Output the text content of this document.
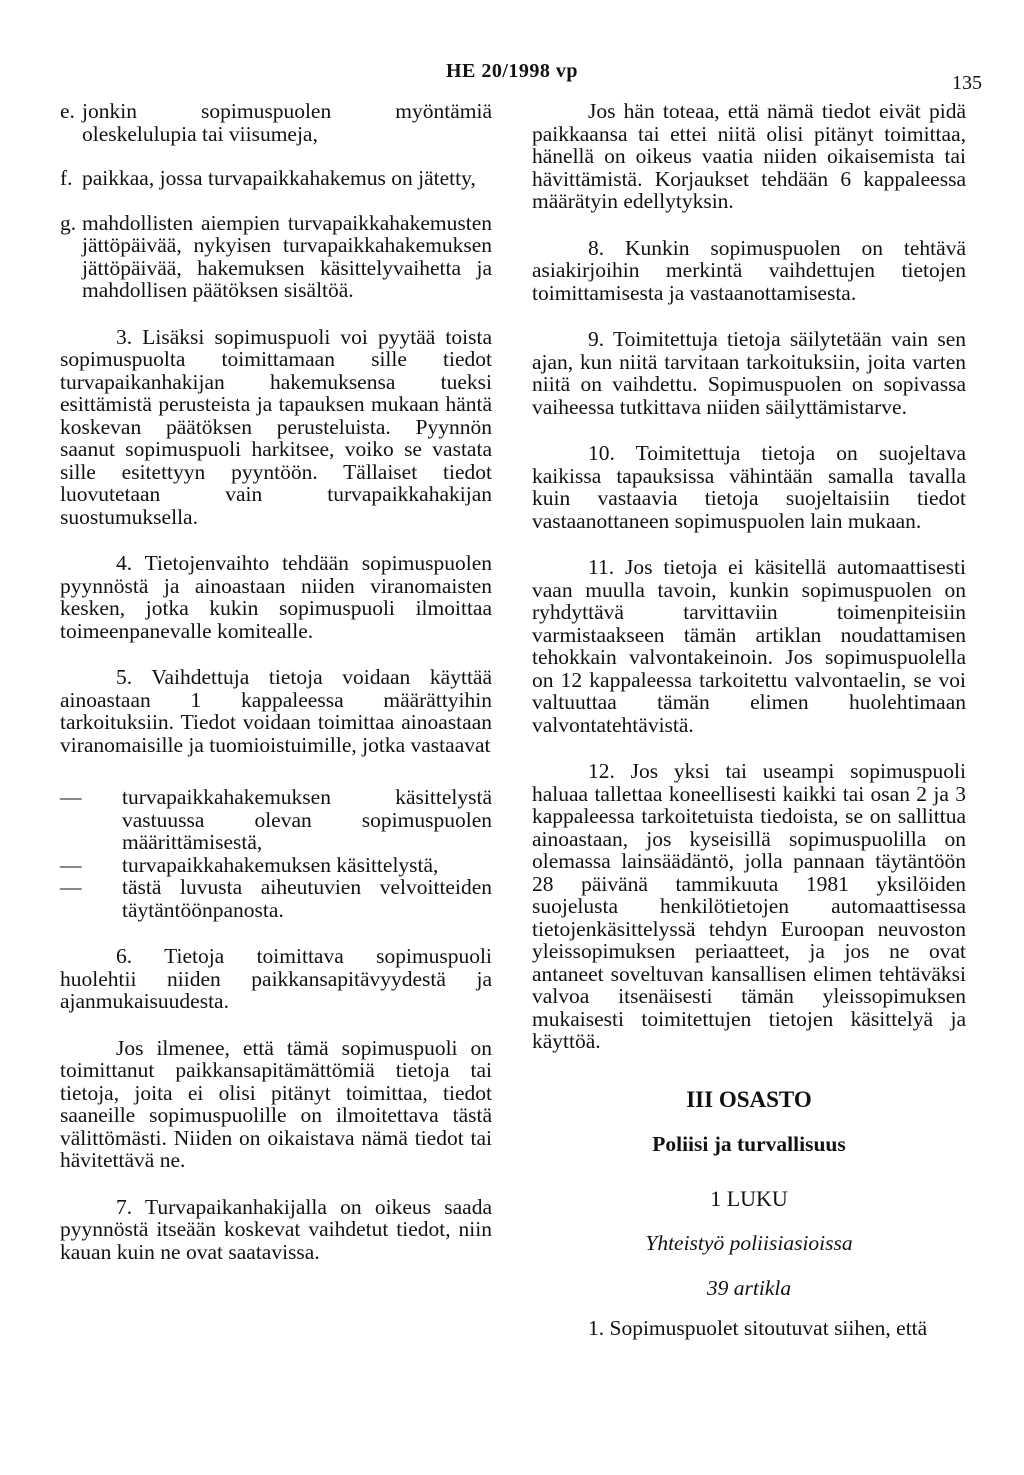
HE 20/1998 vp
135
e. jonkin sopimuspuolen myöntämiä oleskelulupia tai viisumeja,
f. paikkaa, jossa turvapaikkahakemus on jätetty,
g. mahdollisten aiempien turvapaikkahakemusten jättöpäivää, nykyisen turvapaikkahakemuksen jättöpäivää, hakemuksen käsittelyvaihetta ja mahdollisen päätöksen sisältöä.

3. Lisäksi sopimuspuoli voi pyytää toista sopimuspuolta toimittamaan sille tiedot turvapaikanhakijan hakemuksensa tueksi esittämistä perusteista ja tapauksen mukaan häntä koskevan päätöksen perusteluista. Pyynnön saanut sopimuspuoli harkitsee, voiko se vastata sille esitettyyn pyyntöön. Tällaiset tiedot luovutetaan vain turvapaikkahakijan suostumuksella.

4. Tietojenvaihto tehdään sopimuspuolen pyynnöstä ja ainoastaan niiden viranomaisten kesken, jotka kukin sopimuspuoli ilmoittaa toimeenpanevalle komitealle.

5. Vaihdettuja tietoja voidaan käyttää ainoastaan 1 kappaleessa määrättyihin tarkoituksiin. Tiedot voidaan toimittaa ainoastaan viranomaisille ja tuomioistuimille, jotka vastaavat

—	turvapaikkahakemuksen käsittelystä vastuussa olevan sopimuspuolen määrittämisestä,
—	turvapaikkahakemuksen käsittelystä,
—	tästä luvusta aiheutuvien velvoitteiden täytäntöönpanosta.

6. Tietoja toimittava sopimuspuoli huolehtii niiden paikkansapitävyydestä ja ajanmukaisuudesta.

Jos ilmenee, että tämä sopimuspuoli on toimittanut paikkansapitämättömiä tietoja tai tietoja, joita ei olisi pitänyt toimittaa, tiedot saaneille sopimuspuolille on ilmoitettava tästä välittömästi. Niiden on oikaistava nämä tiedot tai hävitettävä ne.

7. Turvapaikanhakijalla on oikeus saada pyynnöstä itseään koskevat vaihdetut tiedot, niin kauan kuin ne ovat saatavissa.

Jos hän toteaa, että nämä tiedot eivät pidä paikkaansa tai ettei niitä olisi pitänyt toimittaa, hänellä on oikeus vaatia niiden oikaisemista tai hävittämistä. Korjaukset tehdään 6 kappaleessa määrätyin edellytyksin.

8. Kunkin sopimuspuolen on tehtävä asiakirjoihin merkintä vaihdettujen tietojen toimittamisesta ja vastaanottamisesta.

9. Toimitettuja tietoja säilytetään vain sen ajan, kun niitä tarvitaan tarkoituksiin, joita varten niitä on vaihdettu. Sopimuspuolen on sopivassa vaiheessa tutkittava niiden säilyttämistarve.

10. Toimitettuja tietoja on suojeltava kaikissa tapauksissa vähintään samalla tavalla kuin vastaavia tietoja suojeltaisiin tiedot vastaanottaneen sopimuspuolen lain mukaan.

11. Jos tietoja ei käsitellä automaattisesti vaan muulla tavoin, kunkin sopimuspuolen on ryhdyttävä tarvittaviin toimenpiteisiin varmistaakseen tämän artiklan noudattamisen tehokkain valvontakeinoin. Jos sopimuspuolella on 12 kappaleessa tarkoitettu valvontaelin, se voi valtuuttaa tämän elimen huolehtimaan valvontatehtävistä.

12. Jos yksi tai useampi sopimuspuoli haluaa tallettaa koneellisesti kaikki tai osan 2 ja 3 kappaleessa tarkoitetuista tiedoista, se on sallittua ainoastaan, jos kyseisillä sopimuspuolilla on olemassa lainsäädäntö, jolla pannaan täytäntöön 28 päivänä tammikuuta 1981 yksilöiden suojelusta henkilötietojen automaattisessa tietojenkäsittelyssä tehdyn Euroopan neuvoston yleissopimuksen periaatteet, ja jos ne ovat antaneet soveltuvan kansallisen elimen tehtäväksi valvoa itsenäisesti tämän yleissopimuksen mukaisesti toimitettujen tietojen käsittelyä ja käyttöä.

III OSASTO

Poliisi ja turvallisuus

1 LUKU

Yhteistyö poliisiasioissa

39 artikla

1. Sopimuspuolet sitoutuvat siihen, että
